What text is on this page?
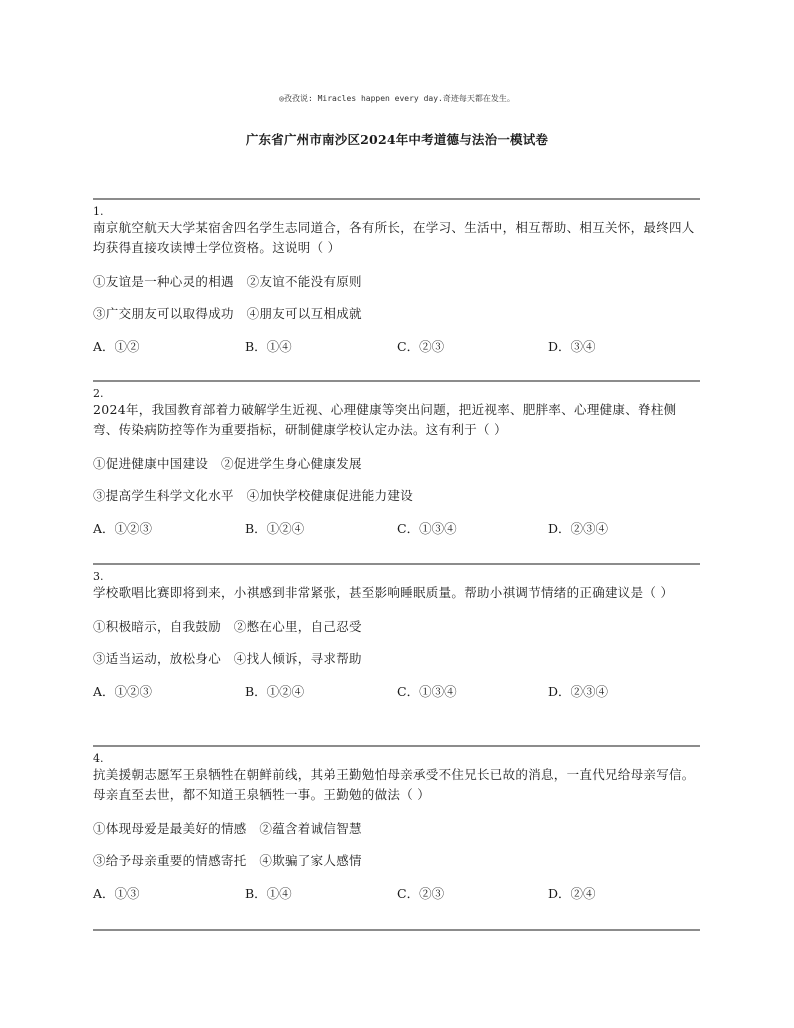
◎孜孜说: Miracles happen every day.奇迹每天都在发生。
广东省广州市南沙区2024年中考道德与法治一模试卷
1.
南京航空航天大学某宿舍四名学生志同道合，各有所长，在学习、生活中，相互帮助、相互关怀，最终四人均获得直接攻读博士学位资格。这说明（ ）
①友谊是一种心灵的相遇　②友谊不能没有原则
③广交朋友可以取得成功　④朋友可以互相成就
A．①②	B．①④	C．②③	D．③④
2.
2024年，我国教育部着力破解学生近视、心理健康等突出问题，把近视率、肥胖率、心理健康、脊柱侧弯、传染病防控等作为重要指标，研制健康学校认定办法。这有利于（ ）
①促进健康中国建设　②促进学生身心健康发展
③提高学生科学文化水平　④加快学校健康促进能力建设
A．①②③	B．①②④	C．①③④	D．②③④
3.
学校歌唱比赛即将到来，小祺感到非常紧张，甚至影响睡眠质量。帮助小祺调节情绪的正确建议是（ ）
①积极暗示，自我鼓励　②憋在心里，自己忍受
③适当运动，放松身心　④找人倾诉，寻求帮助
A．①②③	B．①②④	C．①③④	D．②③④
4.
抗美援朝志愿军王泉牺牲在朝鲜前线，其弟王勤勉怕母亲承受不住兄长已故的消息，一直代兄给母亲写信。母亲直至去世，都不知道王泉牺牲一事。王勤勉的做法（ ）
①体现母爱是最美好的情感　②蕴含着诚信智慧
③给予母亲重要的情感寄托　④欺骗了家人感情
A．①③	B．①④	C．②③	D．②④
